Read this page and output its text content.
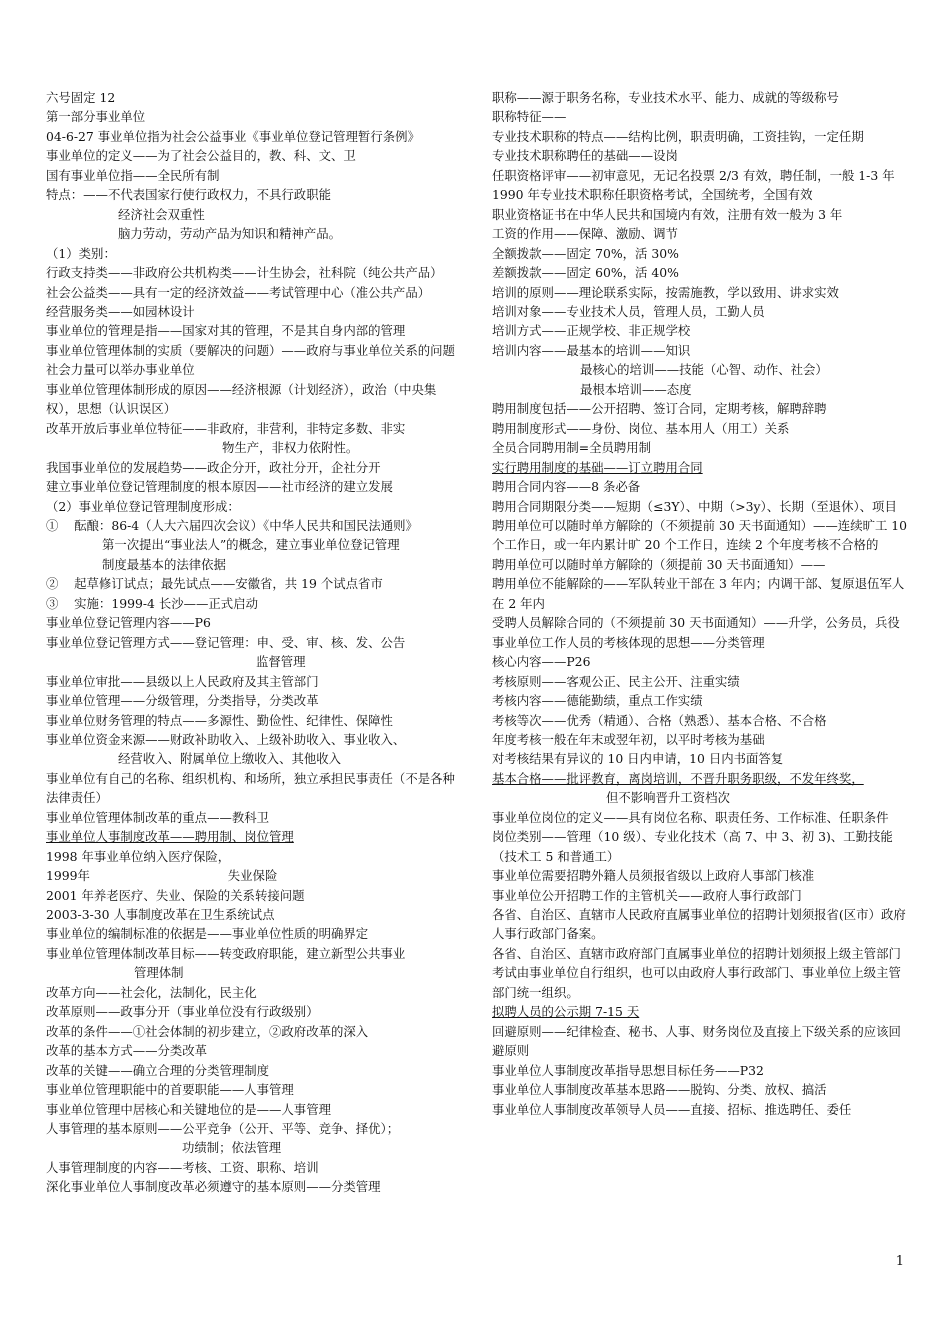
六号固定 12
第一部分事业单位
04-6-27 事业单位指为社会公益事业《事业单位登记管理暂行条例》
事业单位的定义——为了社会公益目的，教、科、文、卫
国有事业单位指——全民所有制
特点：——不代表国家行使行政权力，不具行政职能
经济社会双重性
脑力劳动，劳动产品为知识和精神产品。
（1）类别：
行政支持类——非政府公共机构类——计生协会，社科院（纯公共产品）
社会公益类——具有一定的经济效益——考试管理中心（准公共产品）
经营服务类——如园林设计
事业单位的管理是指——国家对其的管理，不是其自身内部的管理
事业单位管理体制的实质（要解决的问题）——政府与事业单位关系的问题
社会力量可以举办事业单位
事业单位管理体制形成的原因——经济根源（计划经济），政治（中央集权），思想（认识误区）
改革开放后事业单位特征——非政府，非营利，非特定多数、非实
物生产，非权力依附性。
我国事业单位的发展趋势——政企分开，政社分开，企社分开
建立事业单位登记管理制度的根本原因——社市经济的建立发展
（2）事业单位登记管理制度形成：
①    酝酿：86-4（人大六届四次会议）《中华人民共和国民法通则》
第一次提出“事业法人”的概念，建立事业单位登记管理
制度最基本的法律依据
②    起草修订试点；最先试点——安徽省，共 19 个试点省市
③    实施：1999-4 长沙——正式启动
事业单位登记管理内容——P6
事业单位登记管理方式——登记管理：申、受、审、核、发、公告
监督管理
事业单位审批——县级以上人民政府及其主管部门
事业单位管理——分级管理，分类指导，分类改革
事业单位财务管理的特点——多源性、勤俭性、纪律性、保障性
事业单位资金来源——财政补助收入、上级补助收入、事业收入、
经营收入、附属单位上缴收入、其他收入
事业单位有自己的名称、组织机构、和场所，独立承担民事责任（不是各种法律责任）
事业单位管理体制改革的重点——教科卫
事业单位人事制度改革——聘用制、岗位管理
1998 年事业单位纳入医疗保险，
1999年                                   失业保险
2001 年养老医疗、失业、保险的关系转接问题
2003-3-30 人事制度改革在卫生系统试点
事业单位的编制标准的依据是——事业单位性质的明确界定
事业单位管理体制改革目标——转变政府职能，建立新型公共事业
管理体制
改革方向——社会化，法制化，民主化
改革原则——政事分开（事业单位没有行政级别）
改革的条件——①社会体制的初步建立，②政府改革的深入
改革的基本方式——分类改革
改革的关键——确立合理的分类管理制度
事业单位管理职能中的首要职能——人事管理
事业单位管理中居核心和关键地位的是——人事管理
人事管理的基本原则——公平竞争（公开、平等、竞争、择优）；
功绩制；依法管理
人事管理制度的内容——考核、工资、职称、培训
深化事业单位人事制度改革必须遵守的基本原则——分类管理
职称——源于职务名称，专业技术水平、能力、成就的等级称号
职称特征——
专业技术职称的特点——结构比例，职责明确，工资挂钩，一定任期
专业技术职称聘任的基础——设岗
任职资格评审——初审意见，无记名投票 2/3 有效，聘任制，一般 1-3 年
1990 年专业技术职称任职资格考试，全国统考，全国有效
职业资格证书在中华人民共和国境内有效，注册有效一般为 3 年
工资的作用——保障、激励、调节
全额拨款——固定 70%，活 30%
差额拨款——固定 60%，活 40%
培训的原则——理论联系实际，按需施教，学以致用、讲求实效
培训对象——专业技术人员，管理人员，工勤人员
培训方式——正规学校、非正规学校
培训内容——最基本的培训——知识
最核心的培训——技能（心智、动作、社会）
最根本培训——态度
聘用制度包括——公开招聘、签订合同，定期考核，解聘辞聘
聘用制度形式——身份、岗位、基本用人（用工）关系
全员合同聘用制=全员聘用制
实行聘用制度的基础——订立聘用合同
聘用合同内容——8 条必备
聘用合同期限分类——短期（≤3Y）、中期（>3y）、长期（至退休）、项目
聘用单位可以随时单方解除的（不须提前 30 天书面通知）——连续旷工 10 个工作日，或一年内累计旷 20 个工作日，连续 2 个年度考核不合格的
聘用单位可以随时单方解除的（须提前 30 天书面通知）——
聘用单位不能解除的——军队转业干部在 3 年内；内调干部、复原退伍军人在 2 年内
受聘人员解除合同的（不须提前 30 天书面通知）——升学，公务员，兵役
事业单位工作人员的考核体现的思想——分类管理
核心内容——P26
考核原则——客观公正、民主公开、注重实绩
考核内容——德能勤绩，重点工作实绩
考核等次——优秀（精通）、合格（熟悉）、基本合格、不合格
年度考核一般在年末或翌年初，以平时考核为基础
对考核结果有异议的 10 日内申请，10 日内书面答复
基本合格——批评教育，离岗培训，不晋升职务职级，不发年终奖，
但不影响晋升工资档次
事业单位岗位的定义——具有岗位名称、职责任务、工作标准、任职条件
岗位类别——管理（10 级）、专业化技术（高 7、中 3、初 3)、工勤技能（技术工 5 和普通工）
事业单位需要招聘外籍人员须报省级以上政府人事部门核准
事业单位公开招聘工作的主管机关——政府人事行政部门
各省、自治区、直辖市人民政府直属事业单位的招聘计划须报省(区市）政府人事行政部门备案。
各省、自治区、直辖市政府部门直属事业单位的招聘计划须报上级主管部门
考试由事业单位自行组织，也可以由政府人事行政部门、事业单位上级主管部门统一组织。
拟聘人员的公示期 7-15 天
回避原则——纪律检查、秘书、人事、财务岗位及直接上下级关系的应该回避原则
事业单位人事制度改革指导思想目标任务——P32
事业单位人事制度改革基本思路——脱钩、分类、放权、搞活
事业单位人事制度改革领导人员——直接、招标、推选聘任、委任
1
